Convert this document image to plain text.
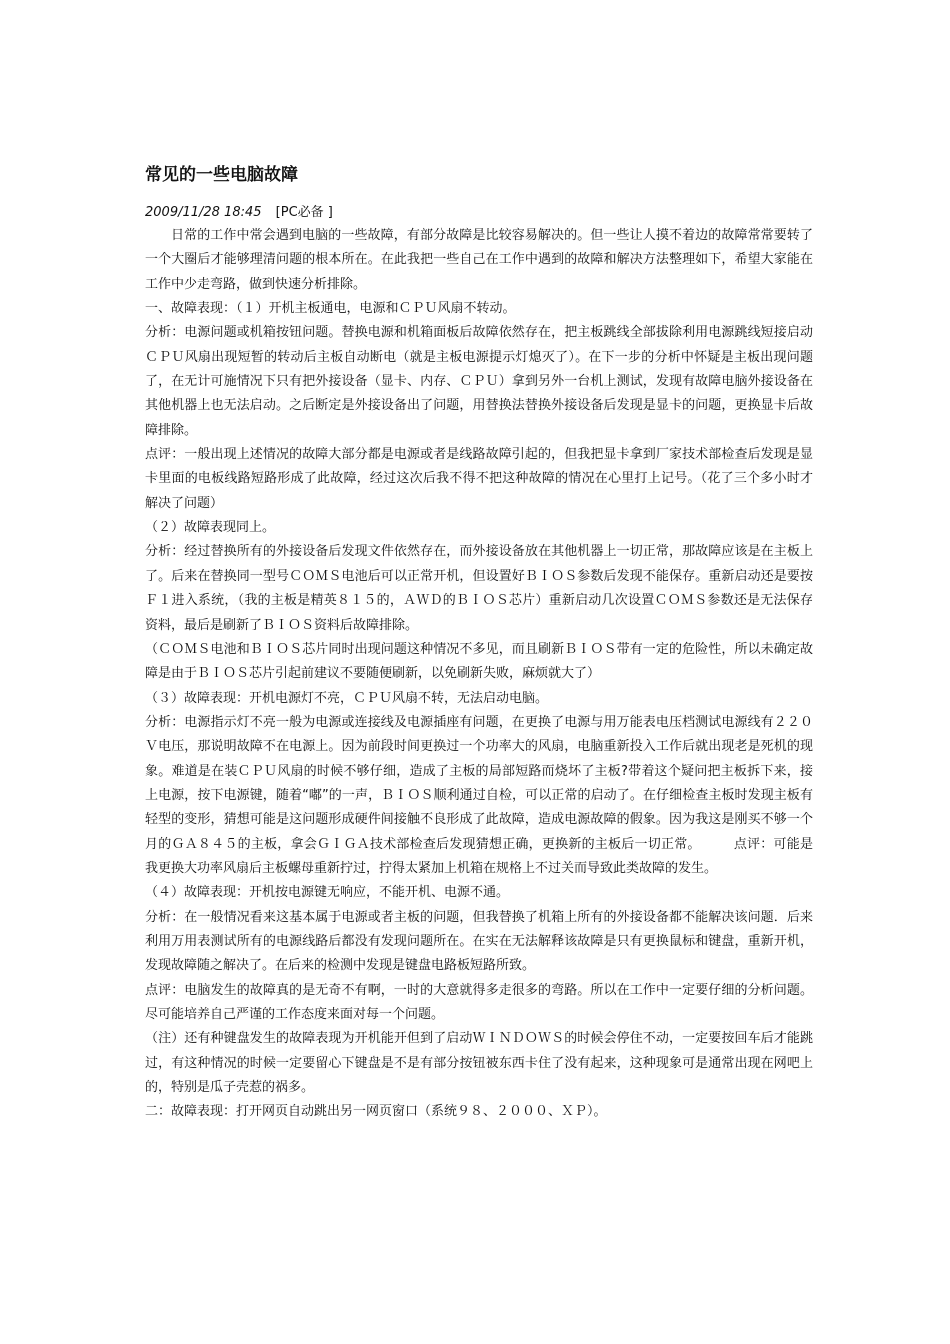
常见的一些电脑故障
2009/11/28 18:45 [PC必备 ]

日常的工作中常会遇到电脑的一些故障，有部分故障是比较容易解决的。但一些让人摸不着边的故障常常要转了一个大圈后才能够理清问题的根本所在。在此我把一些自己在工作中遇到的故障和解决方法整理如下，希望大家能在工作中少走弯路，做到快速分析排除。

一、故障表现：（１）开机主板通电，电源和ＣＰＵ风扇不转动。

分析：电源问题或机箱按钮问题。替换电源和机箱面板后故障依然存在，把主板跳线全部拔除利用电源跳线短接启动ＣＰＵ风扇出现短暂的转动后主板自动断电（就是主板电源提示灯熄灭了）。在下一步的分析中怀疑是主板出现问题了，在无计可施情况下只有把外接设备（显卡、内存、ＣＰＵ）拿到另外一台机上测试，发现有故障电脑外接设备在其他机器上也无法启动。之后断定是外接设备出了问题，用替换法替换外接设备后发现是显卡的问题，更换显卡后故障排除。

点评：一般出现上述情况的故障大部分都是电源或者是线路故障引起的，但我把显卡拿到厂家技术部检查后发现是显卡里面的电板线路短路形成了此故障，经过这次后我不得不把这种故障的情况在心里打上记号。（花了三个多小时才解决了问题）

（２）故障表现同上。

分析：经过替换所有的外接设备后发现文件依然存在，而外接设备放在其他机器上一切正常，那故障应该是在主板上了。后来在替换同一型号ＣＯＭＳ电池后可以正常开机，但设置好ＢＩＯＳ参数后发现不能保存。重新启动还是要按Ｆ１进入系统，（我的主板是精英８１５的，ＡＷＤ的ＢＩＯＳ芯片）重新启动几次设置ＣＯＭＳ参数还是无法保存资料，最后是刷新了ＢＩＯＳ资料后故障排除。

（ＣＯＭＳ电池和ＢＩＯＳ芯片同时出现问题这种情况不多见，而且刷新ＢＩＯＳ带有一定的危险性，所以未确定故障是由于ＢＩＯＳ芯片引起前建议不要随便刷新，以免刷新失败，麻烦就大了）

（３）故障表现：开机电源灯不亮，ＣＰＵ风扇不转，无法启动电脑。

分析：电源指示灯不亮一般为电源或连接线及电源插座有问题，在更换了电源与用万能表电压档测试电源线有２２０Ｖ电压，那说明故障不在电源上。因为前段时间更换过一个功率大的风扇，电脑重新投入工作后就出现老是死机的现象。难道是在装ＣＰＵ风扇的时候不够仔细，造成了主板的局部短路而烧坏了主板?带着这个疑问把主板拆下来，接上电源，按下电源键，随着“嘟”的一声，ＢＩＯＳ顺利通过自检，可以正常的启动了。在仔细检查主板时发现主板有轻型的变形，猜想可能是这问题形成硬件间接触不良形成了此故障，造成电源故障的假象。因为我这是刚买不够一个月的ＧＡ８４５的主板，拿会ＧＩＧＡ技术部检查后发现猜想正确，更换新的主板后一切正常。　　　点评：可能是我更换大功率风扇后主板螺母重新拧过，拧得太紧加上机箱在规格上不过关而导致此类故障的发生。

（４）故障表现：开机按电源键无响应，不能开机、电源不通。

分析：在一般情况看来这基本属于电源或者主板的问题，但我替换了机箱上所有的外接设备都不能解决该问题．后来利用万用表测试所有的电源线路后都没有发现问题所在。在实在无法解释该故障是只有更换鼠标和键盘，重新开机，发现故障随之解决了。在后来的检测中发现是键盘电路板短路所致。

点评：电脑发生的故障真的是无奇不有啊，一时的大意就得多走很多的弯路。所以在工作中一定要仔细的分析问题。尽可能培养自己严谨的工作态度来面对每一个问题。

（注）还有种键盘发生的故障表现为开机能开但到了启动ＷＩＮＤＯＷＳ的时候会停住不动，一定要按回车后才能跳过，有这种情况的时候一定要留心下键盘是不是有部分按钮被东西卡住了没有起来，这种现象可是通常出现在网吧上的，特别是瓜子壳惹的祸多。

二：故障表现：打开网页自动跳出另一网页窗口（系统９８、２０００、ＸＰ）。
